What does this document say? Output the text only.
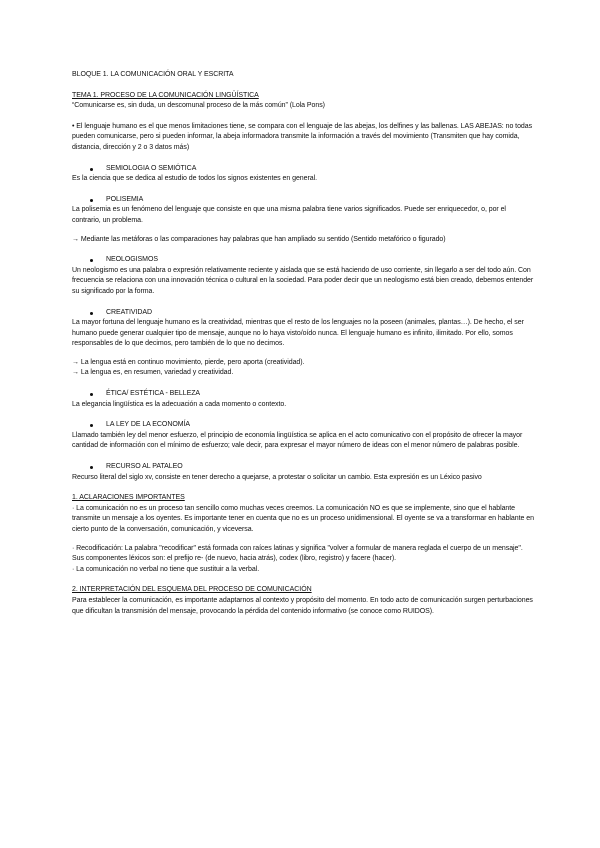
BLOQUE 1. LA COMUNICACIÓN ORAL Y ESCRITA

TEMA 1. PROCESO DE LA COMUNICACIÓN LINGÜÍSTICA

“Comunicarse es, sin duda, un descomunal proceso de la más común” (Lola Pons)

• El lenguaje humano es el que menos limitaciones tiene, se compara con el lenguaje de las abejas, los delfines y las ballenas. LAS ABEJAS: no todas pueden comunicarse, pero si pueden informar, la abeja informadora transmite la información a través del movimiento (Transmiten que hay comida, distancia, dirección y 2 o 3 datos más)

SEMIOLOGIA O SEMIÓTICA

Es la ciencia que se dedica al estudio de todos los signos existentes en general.

POLISEMIA

La polisemia es un fenómeno del lenguaje que consiste en que una misma palabra tiene varios significados. Puede ser enriquecedor, o, por el contrario, un problema.

→ Mediante las metáforas o las comparaciones hay palabras que han ampliado su sentido (Sentido metafórico o figurado)

NEOLOGISMOS

Un neologismo es una palabra o expresión relativamente reciente y aislada que se está haciendo de uso corriente, sin llegarlo a ser del todo aún. Con frecuencia se relaciona con una innovación técnica o cultural en la sociedad. Para poder decir que un neologismo está bien creado, debemos entender su significado por la forma.

CREATIVIDAD

La mayor fortuna del lenguaje humano es la creatividad, mientras que el resto de los lenguajes no la poseen (animales, plantas…). De hecho, el ser humano puede generar cualquier tipo de mensaje, aunque no lo haya visto/oído nunca. El lenguaje humano es infinito, ilimitado. Por ello, somos responsables de lo que decimos, pero también de lo que no decimos.

→ La lengua está en continuo movimiento, pierde, pero aporta (creatividad).

→ La lengua es, en resumen, variedad y creatividad.

ÉTICA/ ESTÉTICA - BELLEZA

La elegancia lingüística es la adecuación a cada momento o contexto.

LA LEY DE LA ECONOMÍA

Llamado también ley del menor esfuerzo, el principio de economía lingüística se aplica en el acto comunicativo con el propósito de ofrecer la mayor cantidad de información con el mínimo de esfuerzo; vale decir, para expresar el mayor número de ideas con el menor número de palabras posible.

RECURSO AL PATALEO

Recurso literal del siglo xv, consiste en tener derecho a quejarse, a protestar o solicitar un cambio. Esta expresión es un Léxico pasivo

1. ACLARACIONES IMPORTANTES

· La comunicación no es un proceso tan sencillo como muchas veces creemos. La comunicación NO es que se implemente, sino que el hablante transmite un mensaje a los oyentes. Es importante tener en cuenta que no es un proceso unidimensional. El oyente se va a transformar en hablante en cierto punto de la conversación, comunicación, y viceversa.

· Recodificación: La palabra "recodificar" está formada con raíces latinas y significa "volver a formular de manera reglada el cuerpo de un mensaje". Sus componentes léxicos son: el prefijo re- (de nuevo, hacia atrás), codex (libro, registro) y facere (hacer).

· La comunicación no verbal no tiene que sustituir a la verbal.

2. INTERPRETACIÓN DEL ESQUEMA DEL PROCESO DE COMUNICACIÓN

Para establecer la comunicación, es importante adaptarnos al contexto y propósito del momento. En todo acto de comunicación surgen perturbaciones que dificultan la transmisión del mensaje, provocando la pérdida del contenido informativo (se conoce como RUIDOS).
